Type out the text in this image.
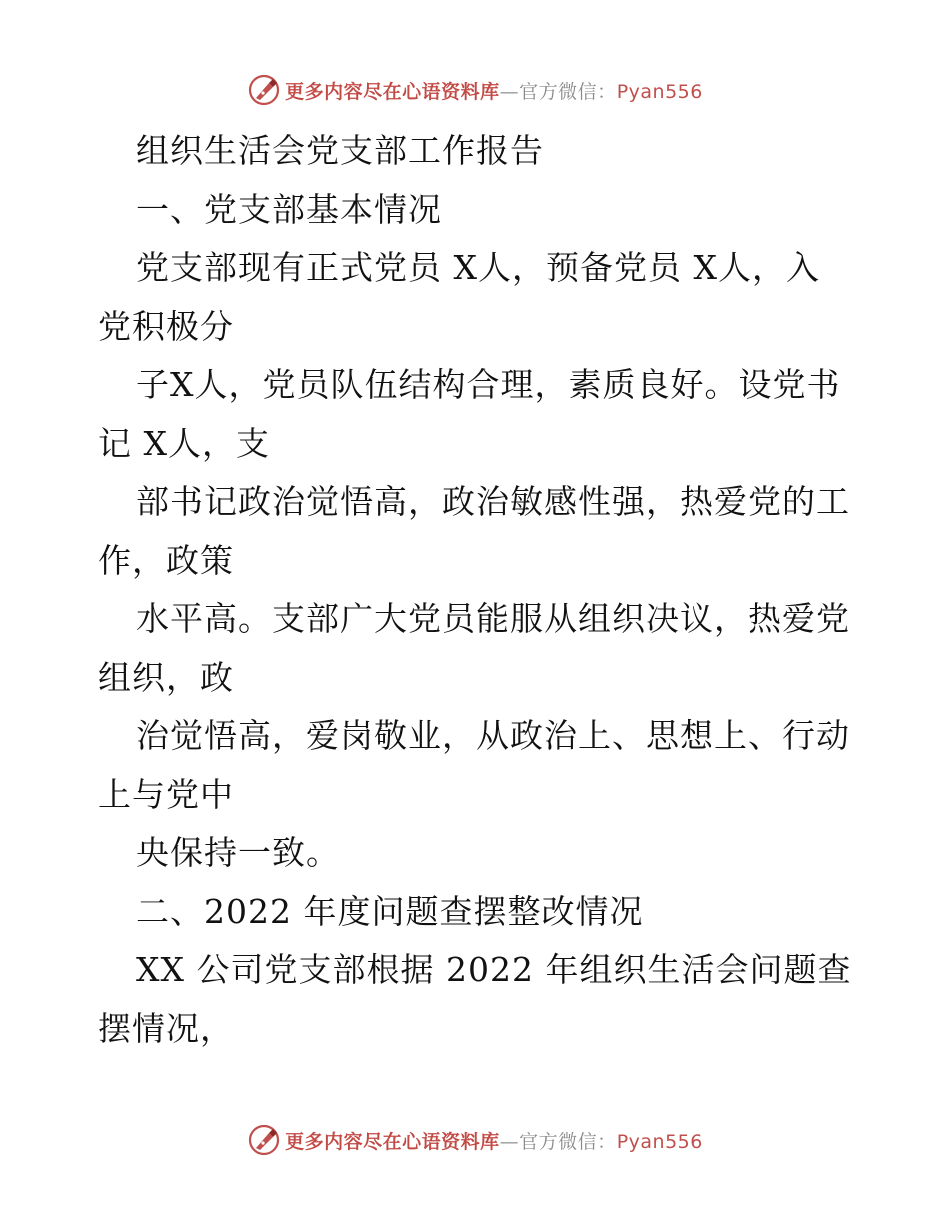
更多内容尽在心语资料库—官方微信：Pyan556
组织生活会党支部工作报告
一、党支部基本情况
党支部现有正式党员 X人，预备党员 X人，入
党积极分
子X人，党员队伍结构合理，素质良好。设党书
记 X人，支
部书记政治觉悟高，政治敏感性强，热爱党的工
作，政策
水平高。支部广大党员能服从组织决议，热爱党
组织，政
治觉悟高，爱岗敬业，从政治上、思想上、行动
上与党中
央保持一致。
二、2022 年度问题查摆整改情况
XX 公司党支部根据 2022 年组织生活会问题查
摆情况，
更多内容尽在心语资料库—官方微信：Pyan556
